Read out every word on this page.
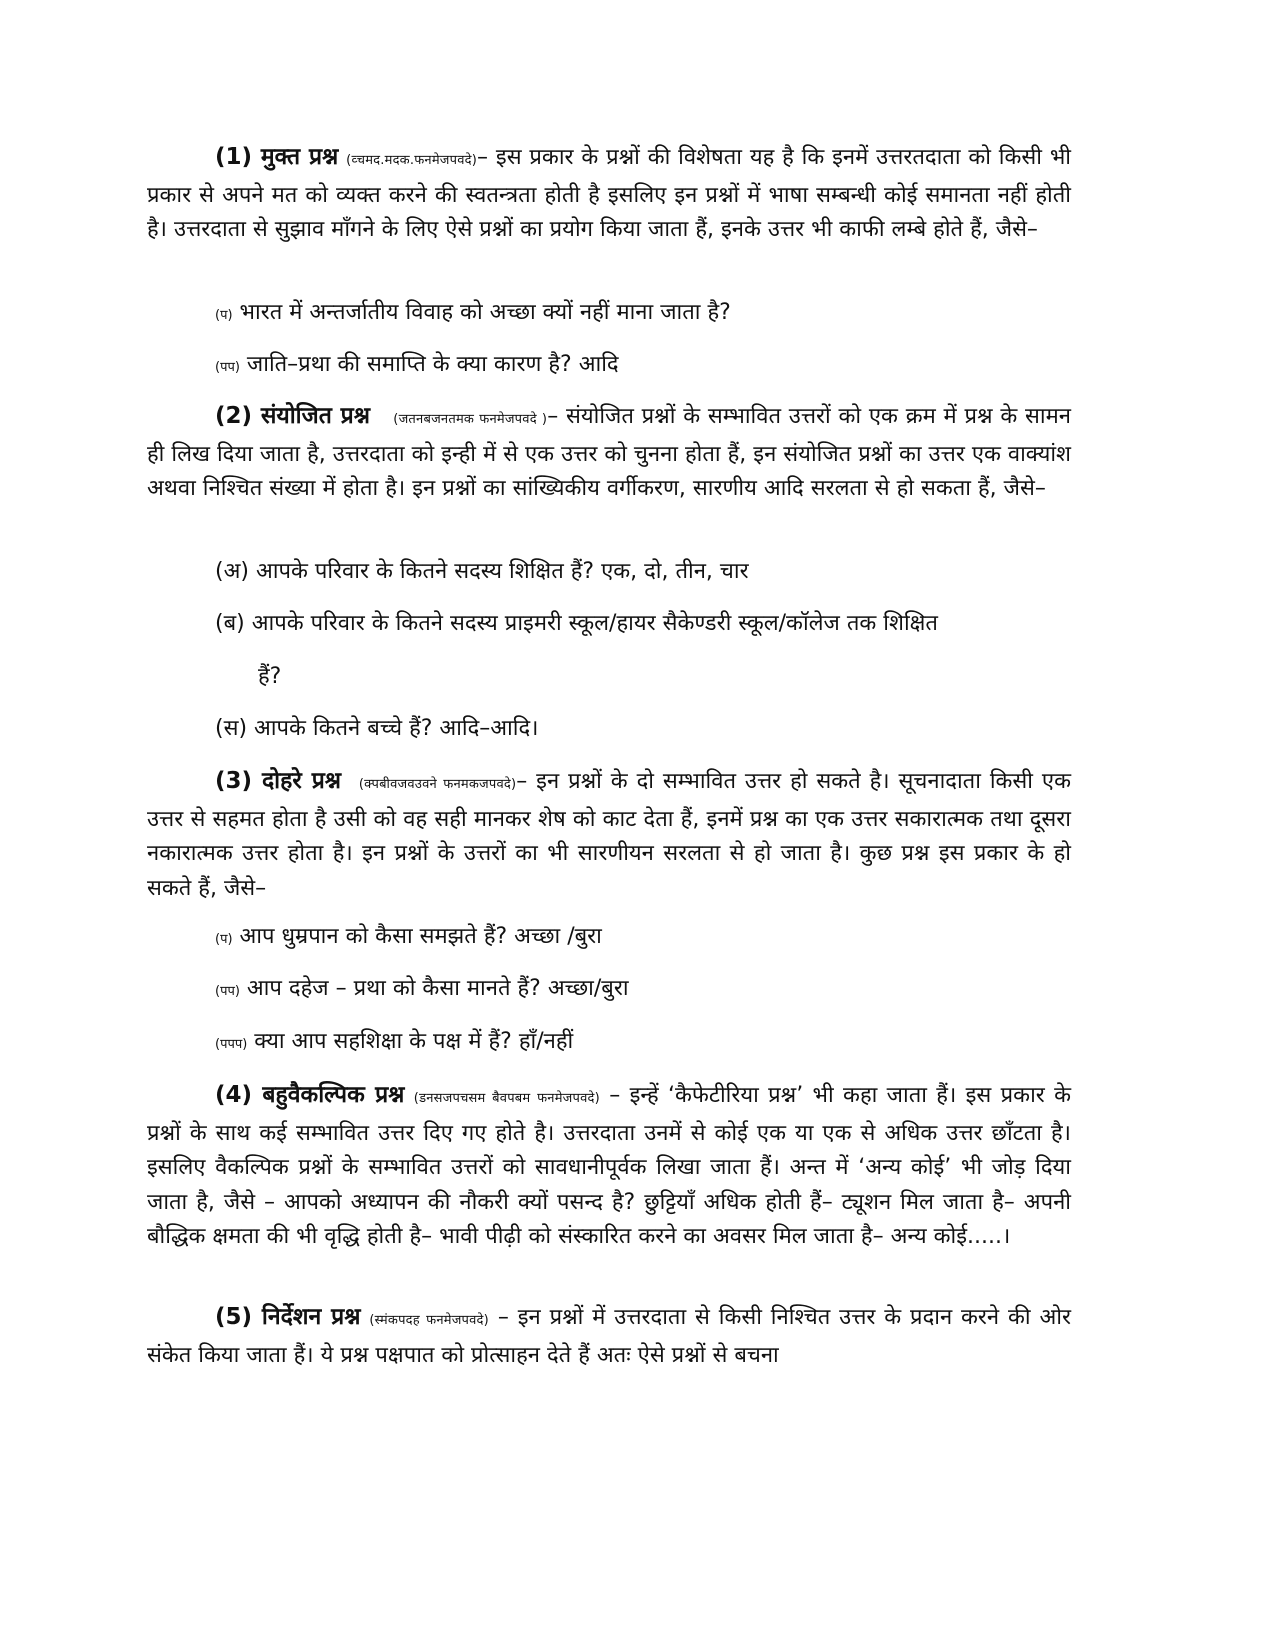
(1) मुक्त प्रश्न (व्चमद.मदक.फनमेजपवदे)– इस प्रकार के प्रश्नों की विशेषता यह है कि इनमें उत्तरतदाता को किसी भी प्रकार से अपने मत को व्यक्त करने की स्वतन्त्रता होती है इसलिए इन प्रश्नों में भाषा सम्बन्धी कोई समानता नहीं होती है। उत्तरदाता से सुझाव माँगने के लिए ऐसे प्रश्नों का प्रयोग किया जाता हैं, इनके उत्तर भी काफी लम्बे होते हैं, जैसे–

(प) भारत में अन्तर्जातीय विवाह को अच्छा क्यों नहीं माना जाता है?

(पप) जाति–प्रथा की समाप्ति के क्या कारण है? आदि

(2) संयोजित प्रश्न (जतनबजनतमक फनमेजपवदे )– संयोजित प्रश्नों के सम्भावित उत्तरों को एक क्रम में प्रश्न के सामन ही लिख दिया जाता है, उत्तरदाता को इन्ही में से एक उत्तर को चुनना होता हैं, इन संयोजित प्रश्नों का उत्तर एक वाक्यांश अथवा निश्चित संख्या में होता है। इन प्रश्नों का सांख्यिकीय वर्गीकरण, सारणीय आदि सरलता से हो सकता हैं, जैसे–

(अ) आपके परिवार के कितने सदस्य शिक्षित हैं? एक, दो, तीन, चार

(ब) आपके परिवार के कितने सदस्य प्राइमरी स्कूल/हायर सैकेण्डरी स्कूल/कॉलेज तक शिक्षित

हैं?

(स) आपके कितने बच्चे हैं? आदि–आदि।

(3) दोहरे प्रश्न (क्पबीवजवउवने फनमकजपवदे)– इन प्रश्नों के दो सम्भावित उत्तर हो सकते है। सूचनादाता किसी एक उत्तर से सहमत होता है उसी को वह सही मानकर शेष को काट देता हैं, इनमें प्रश्न का एक उत्तर सकारात्मक तथा दूसरा नकारात्मक उत्तर होता है। इन प्रश्नों के उत्तरों का भी सारणीयन सरलता से हो जाता है। कुछ प्रश्न इस प्रकार के हो सकते हैं, जैसे–

(प) आप धुम्रपान को कैसा समझते हैं? अच्छा /बुरा

(पप) आप दहेज – प्रथा को कैसा मानते हैं? अच्छा/बुरा

(पपप) क्या आप सहशिक्षा के पक्ष में हैं? हाँ/नहीं

(4) बहुवैकल्पिक प्रश्न (डनसजपचसम बैवपबम फनमेजपवदे) – इन्हें ‘कैफेटीरिया प्रश्न’ भी कहा जाता हैं। इस प्रकार के प्रश्नों के साथ कई सम्भावित उत्तर दिए गए होते है। उत्तरदाता उनमें से कोई एक या एक से अधिक उत्तर छाँटता है। इसलिए वैकल्पिक प्रश्नों के सम्भावित उत्तरों को सावधानीपूर्वक लिखा जाता हैं। अन्त में ‘अन्य कोई’ भी जोड़ दिया जाता है, जैसे – आपको अध्यापन की नौकरी क्यों पसन्द है? छुट्टियाँ अधिक होती हैं– ट्यूशन मिल जाता है– अपनी बौद्धिक क्षमता की भी वृद्धि होती है– भावी पीढ़ी को संस्कारित करने का अवसर मिल जाता है– अन्य कोई.....।

(5) निर्देशन प्रश्न (स्मंकपदह फनमेजपवदे) – इन प्रश्नों में उत्तरदाता से किसी निश्चित उत्तर के प्रदान करने की ओर संकेत किया जाता हैं। ये प्रश्न पक्षपात को प्रोत्साहन देते हैं अतः ऐसे प्रश्नों से बचना
